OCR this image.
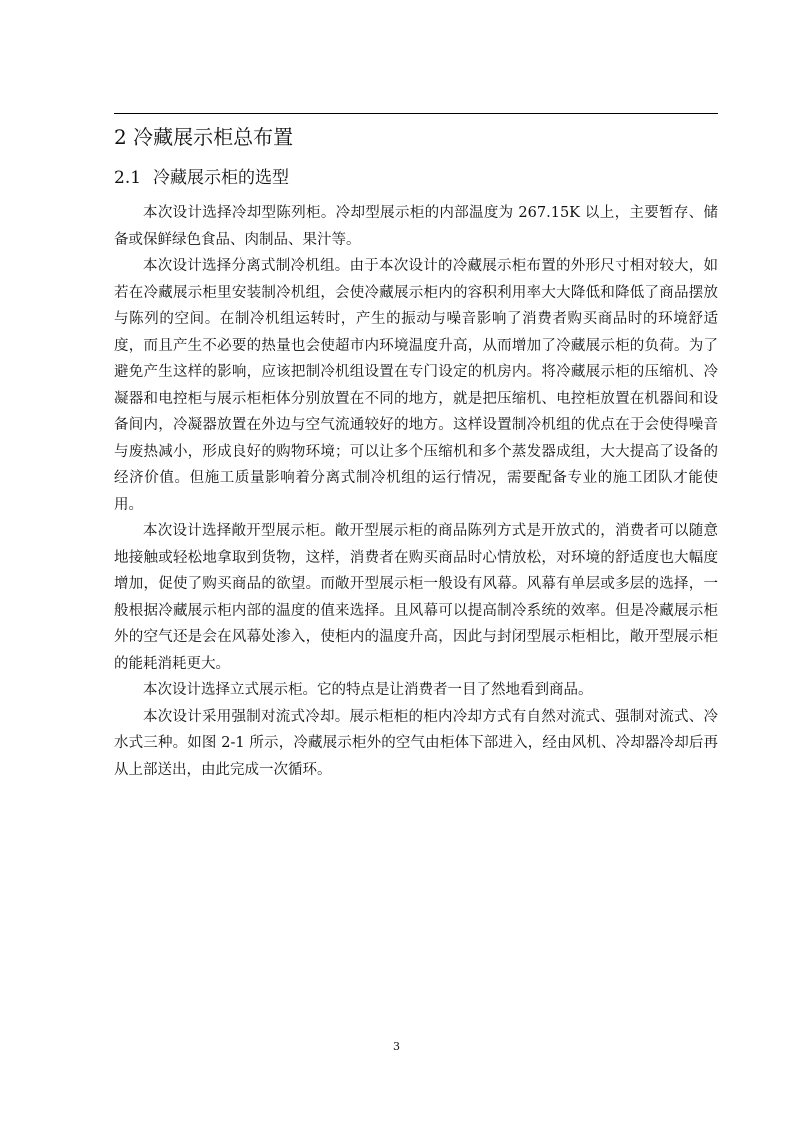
2 冷藏展示柜总布置
2.1 冷藏展示柜的选型

本次设计选择冷却型陈列柜。冷却型展示柜的内部温度为 267.15K 以上，主要暂存、储备或保鲜绿色食品、肉制品、果汁等。

本次设计选择分离式制冷机组。由于本次设计的冷藏展示柜布置的外形尺寸相对较大，如若在冷藏展示柜里安装制冷机组，会使冷藏展示柜内的容积利用率大大降低和降低了商品摆放与陈列的空间。在制冷机组运转时，产生的振动与噪音影响了消费者购买商品时的环境舒适度，而且产生不必要的热量也会使超市内环境温度升高，从而增加了冷藏展示柜的负荷。为了避免产生这样的影响，应该把制冷机组设置在专门设定的机房内。将冷藏展示柜的压缩机、冷凝器和电控柜与展示柜柜体分别放置在不同的地方，就是把压缩机、电控柜放置在机器间和设备间内，冷凝器放置在外边与空气流通较好的地方。这样设置制冷机组的优点在于会使得噪音与废热减小，形成良好的购物环境；可以让多个压缩机和多个蒸发器成组，大大提高了设备的经济价值。但施工质量影响着分离式制冷机组的运行情况，需要配备专业的施工团队才能使用。

本次设计选择敞开型展示柜。敞开型展示柜的商品陈列方式是开放式的，消费者可以随意地接触或轻松地拿取到货物，这样，消费者在购买商品时心情放松，对环境的舒适度也大幅度增加，促使了购买商品的欲望。而敞开型展示柜一般设有风幕。风幕有单层或多层的选择，一般根据冷藏展示柜内部的温度的值来选择。且风幕可以提高制冷系统的效率。但是冷藏展示柜外的空气还是会在风幕处渗入，使柜内的温度升高，因此与封闭型展示柜相比，敞开型展示柜的能耗消耗更大。

本次设计选择立式展示柜。它的特点是让消费者一目了然地看到商品。

本次设计采用强制对流式冷却。展示柜柜的柜内冷却方式有自然对流式、强制对流式、冷水式三种。如图 2-1 所示，冷藏展示柜外的空气由柜体下部进入，经由风机、冷却器冷却后再从上部送出，由此完成一次循环。

3
